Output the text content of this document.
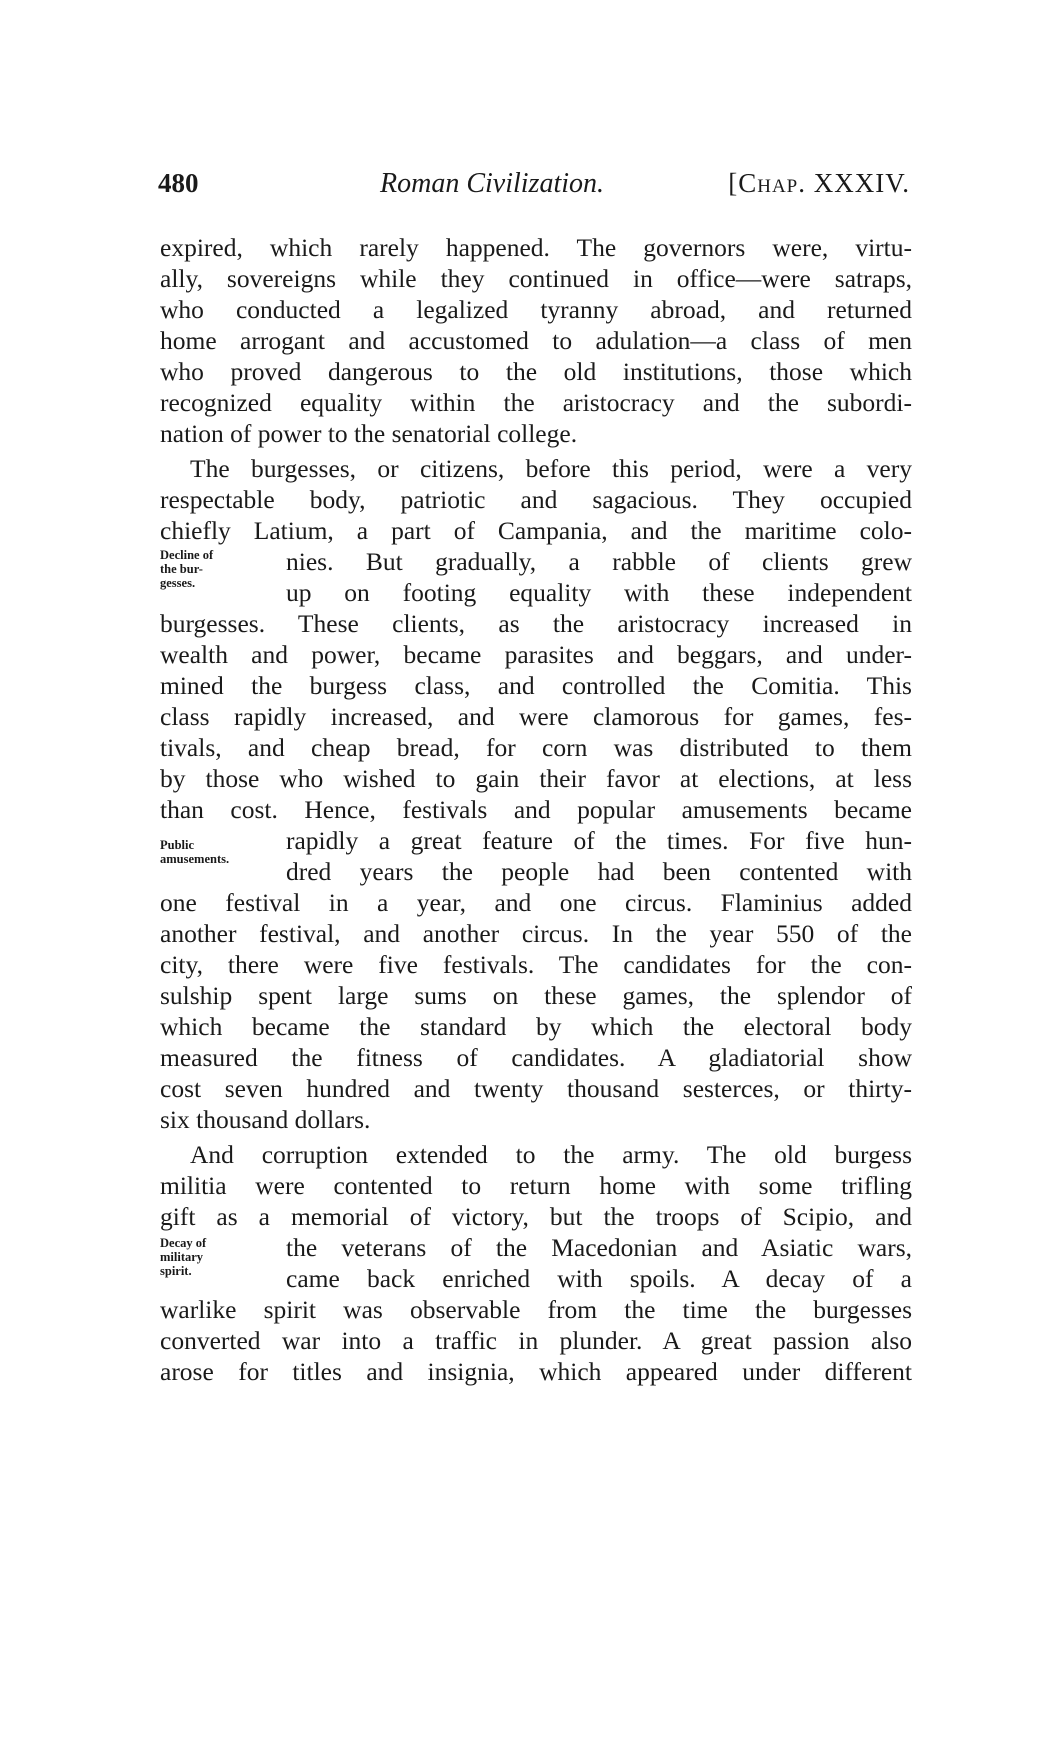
480	Roman Civilization.	[Chap. XXXIV.
expired, which rarely happened. The governors were, virtu-
ally, sovereigns while they continued in office—were satraps,
who conducted a legalized tyranny abroad, and returned
home arrogant and accustomed to adulation—a class of men
who proved dangerous to the old institutions, those which
recognized equality within the aristocracy and the subordi-
nation of power to the senatorial college.
The burgesses, or citizens, before this period, were a very
respectable body, patriotic and sagacious. They occupied
chiefly Latium, a part of Campania, and the maritime colo-
nies. But gradually, a rabble of clients grew
up on footing equality with these independent
burgesses. These clients, as the aristocracy increased in
wealth and power, became parasites and beggars, and under-
mined the burgess class, and controlled the Comitia. This
class rapidly increased, and were clamorous for games, fes-
tivals, and cheap bread, for corn was distributed to them
by those who wished to gain their favor at elections, at less
than cost. Hence, festivals and popular amusements became
rapidly a great feature of the times. For five hun-
dred years the people had been contented with
one festival in a year, and one circus. Flaminius added
another festival, and another circus. In the year 550 of the
city, there were five festivals. The candidates for the con-
sulship spent large sums on these games, the splendor of
which became the standard by which the electoral body
measured the fitness of candidates. A gladiatorial show
cost seven hundred and twenty thousand sesterces, or thirty-
six thousand dollars.
And corruption extended to the army. The old burgess
militia were contented to return home with some trifling
gift as a memorial of victory, but the troops of Scipio, and
the veterans of the Macedonian and Asiatic wars,
came back enriched with spoils. A decay of a
warlike spirit was observable from the time the burgesses
converted war into a traffic in plunder. A great passion also
arose for titles and insignia, which appeared under different
Decline of
the bur-
gesses.
Public
amusements.
Decay of
military
spirit.
